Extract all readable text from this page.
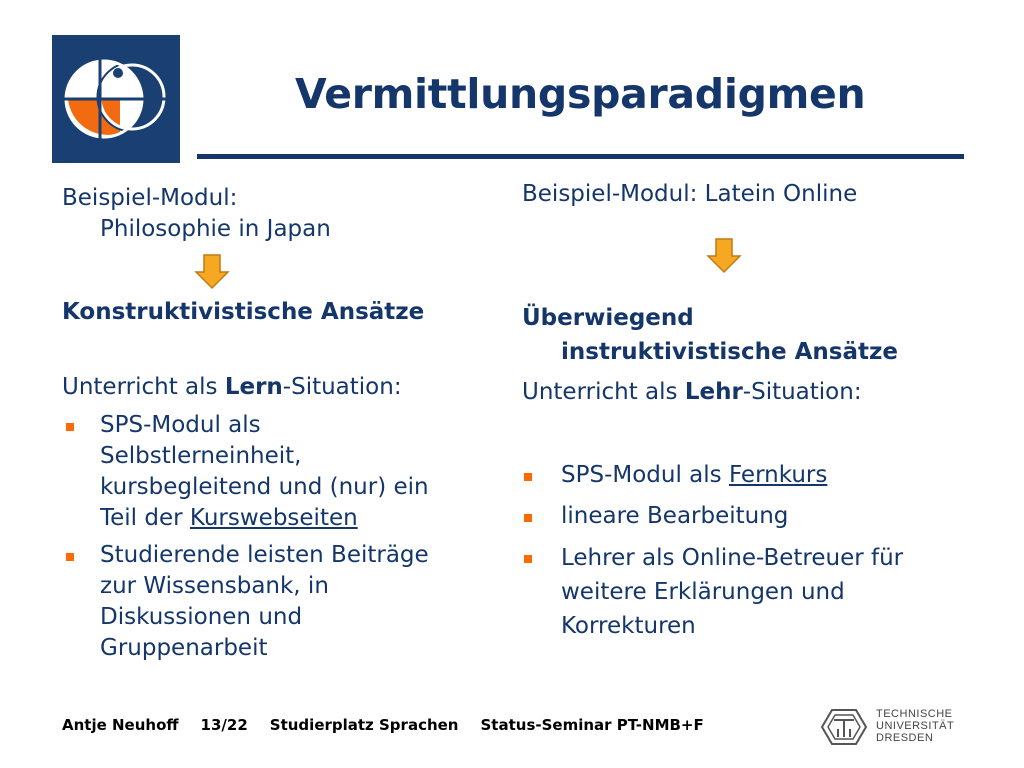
Vermittlungsparadigmen
Beispiel-Modul:
Philosophie in Japan
Konstruktivistische Ansätze
Unterricht als Lern-Situation:
SPS-Modul als
Selbstlerneinheit,
kursbegleitend und (nur) ein
Teil der Kurswebseiten
Studierende leisten Beiträge
zur Wissensbank, in
Diskussionen und
Gruppenarbeit
Beispiel-Modul: Latein Online
Überwiegend
instruktivistische Ansätze
Unterricht als Lehr-Situation:
SPS-Modul als Fernkurs
lineare Bearbeitung
Lehrer als Online-Betreuer für
weitere Erklärungen und
Korrekturen
Antje Neuhoff 13/22 Studierplatz Sprachen Status-Seminar PT-NMB+F
TECHNISCHE
UNIVERSITÄT
DRESDEN
